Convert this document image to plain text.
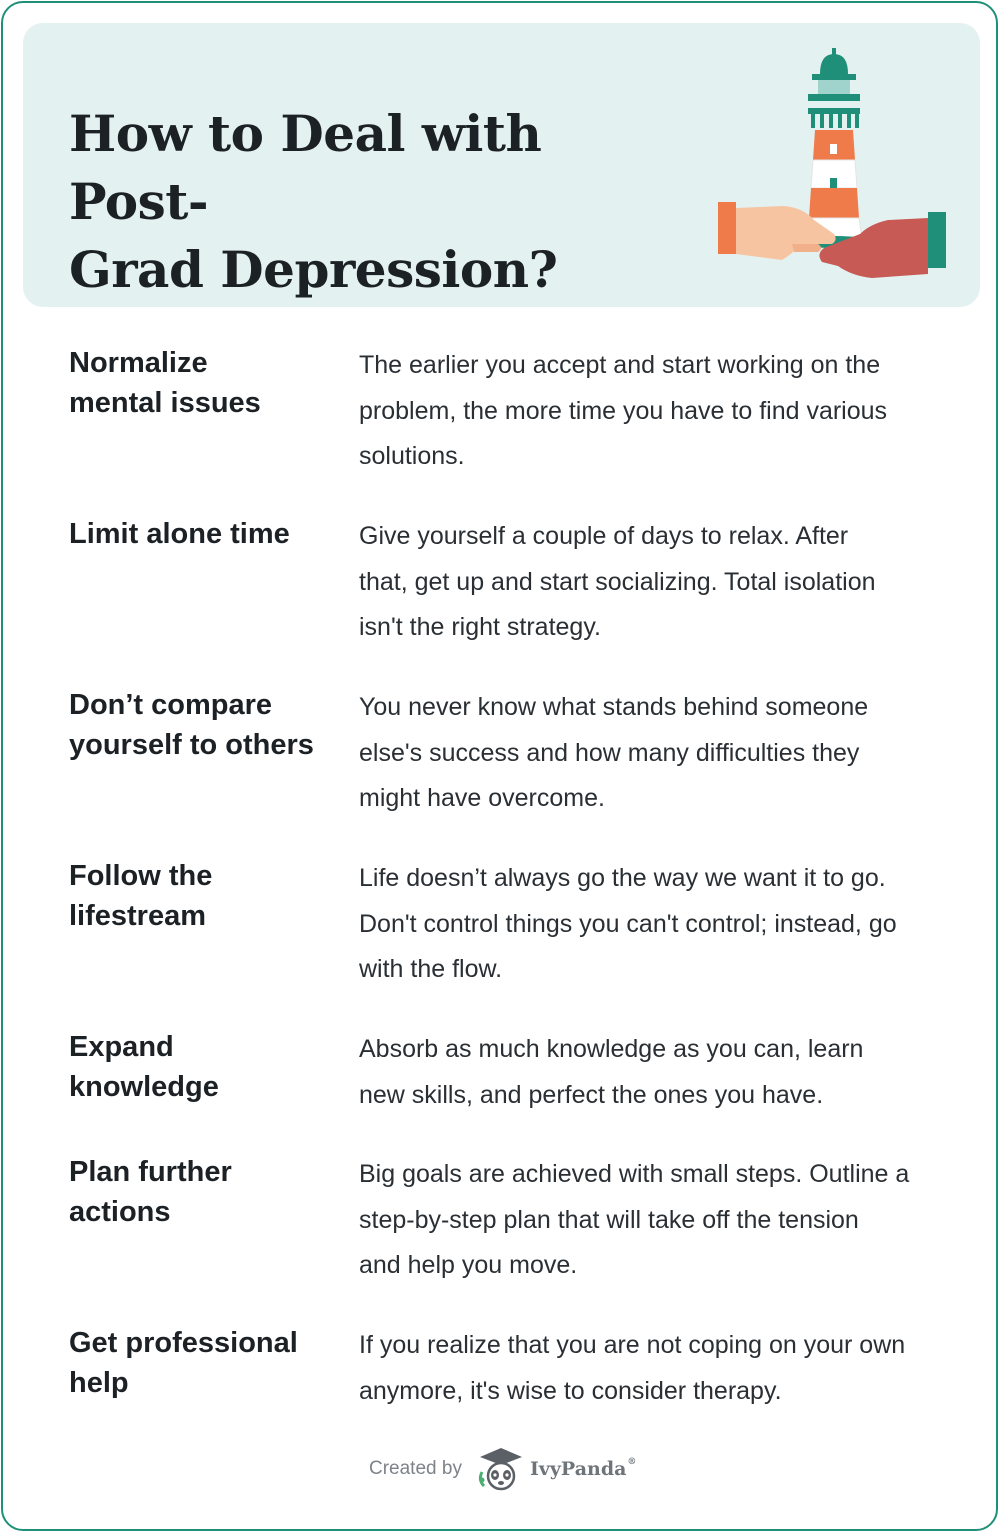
How to Deal with Post-
Grad Depression?

Normalize
mental issues

The earlier you accept and start working on the
problem, the more time you have to find various
solutions.

Limit alone time	Give yourself a couple of days to relax. After
that, get up and start socializing. Total isolation
isn't the right strategy.

Don’t compare
yourself to others

You never know what stands behind someone
else's success and how many difficulties they
might have overcome.

Follow the
lifestream

Life doesn’t always go the way we want it to go.
Don't control things you can't control; instead, go
with the flow.

Expand
knowledge

Absorb as much knowledge as you can, learn
new skills, and perfect the ones you have.

Plan further
actions

Big goals are achieved with small steps. Outline a
step-by-step plan that will take off the tension
and help you move.

Get professional
help

If you realize that you are not coping on your own
anymore, it's wise to consider therapy.

Created by	IvyPanda®
